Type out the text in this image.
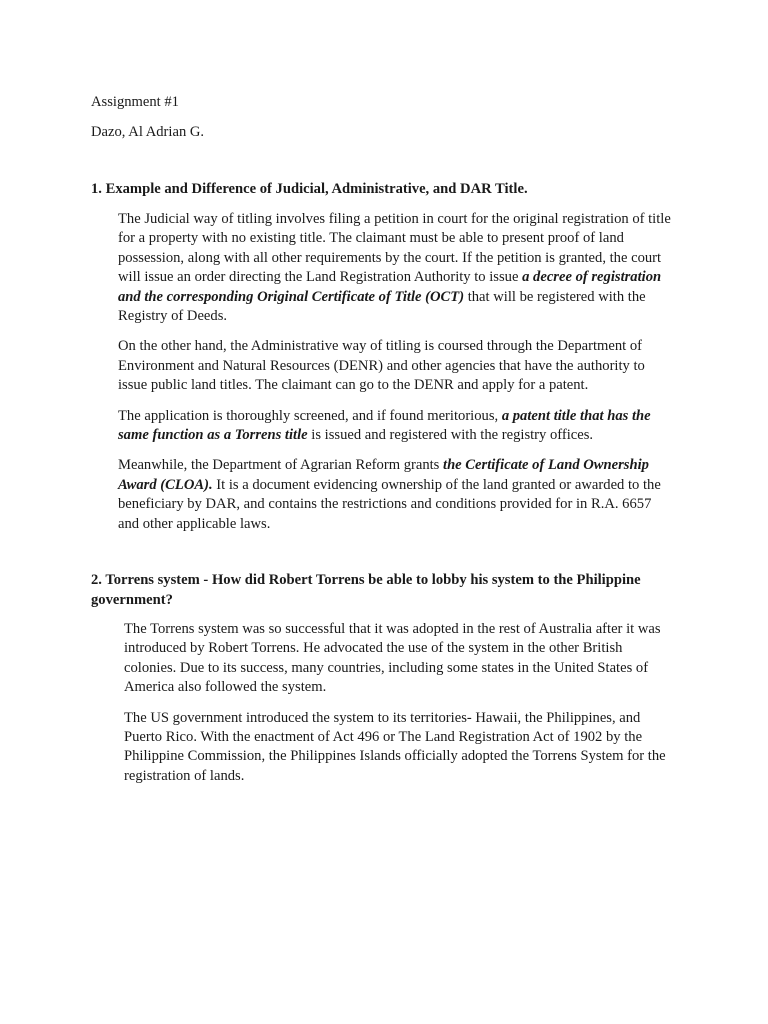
Assignment #1

Dazo, Al Adrian G.

1. Example and Difference of Judicial, Administrative, and DAR Title.

The Judicial way of titling involves filing a petition in court for the original registration of title for a property with no existing title. The claimant must be able to present proof of land possession, along with all other requirements by the court. If the petition is granted, the court will issue an order directing the Land Registration Authority to issue a decree of registration and the corresponding Original Certificate of Title (OCT) that will be registered with the Registry of Deeds.

On the other hand, the Administrative way of titling is coursed through the Department of Environment and Natural Resources (DENR) and other agencies that have the authority to issue public land titles. The claimant can go to the DENR and apply for a patent.

The application is thoroughly screened, and if found meritorious, a patent title that has the same function as a Torrens title is issued and registered with the registry offices.

Meanwhile, the Department of Agrarian Reform grants the Certificate of Land Ownership Award (CLOA). It is a document evidencing ownership of the land granted or awarded to the beneficiary by DAR, and contains the restrictions and conditions provided for in R.A. 6657 and other applicable laws.

2. Torrens system - How did Robert Torrens be able to lobby his system to the Philippine government?

The Torrens system was so successful that it was adopted in the rest of Australia after it was introduced by Robert Torrens. He advocated the use of the system in the other British colonies. Due to its success, many countries, including some states in the United States of America also followed the system.

The US government introduced the system to its territories- Hawaii, the Philippines, and Puerto Rico. With the enactment of Act 496 or The Land Registration Act of 1902 by the Philippine Commission, the Philippines Islands officially adopted the Torrens System for the registration of lands.
